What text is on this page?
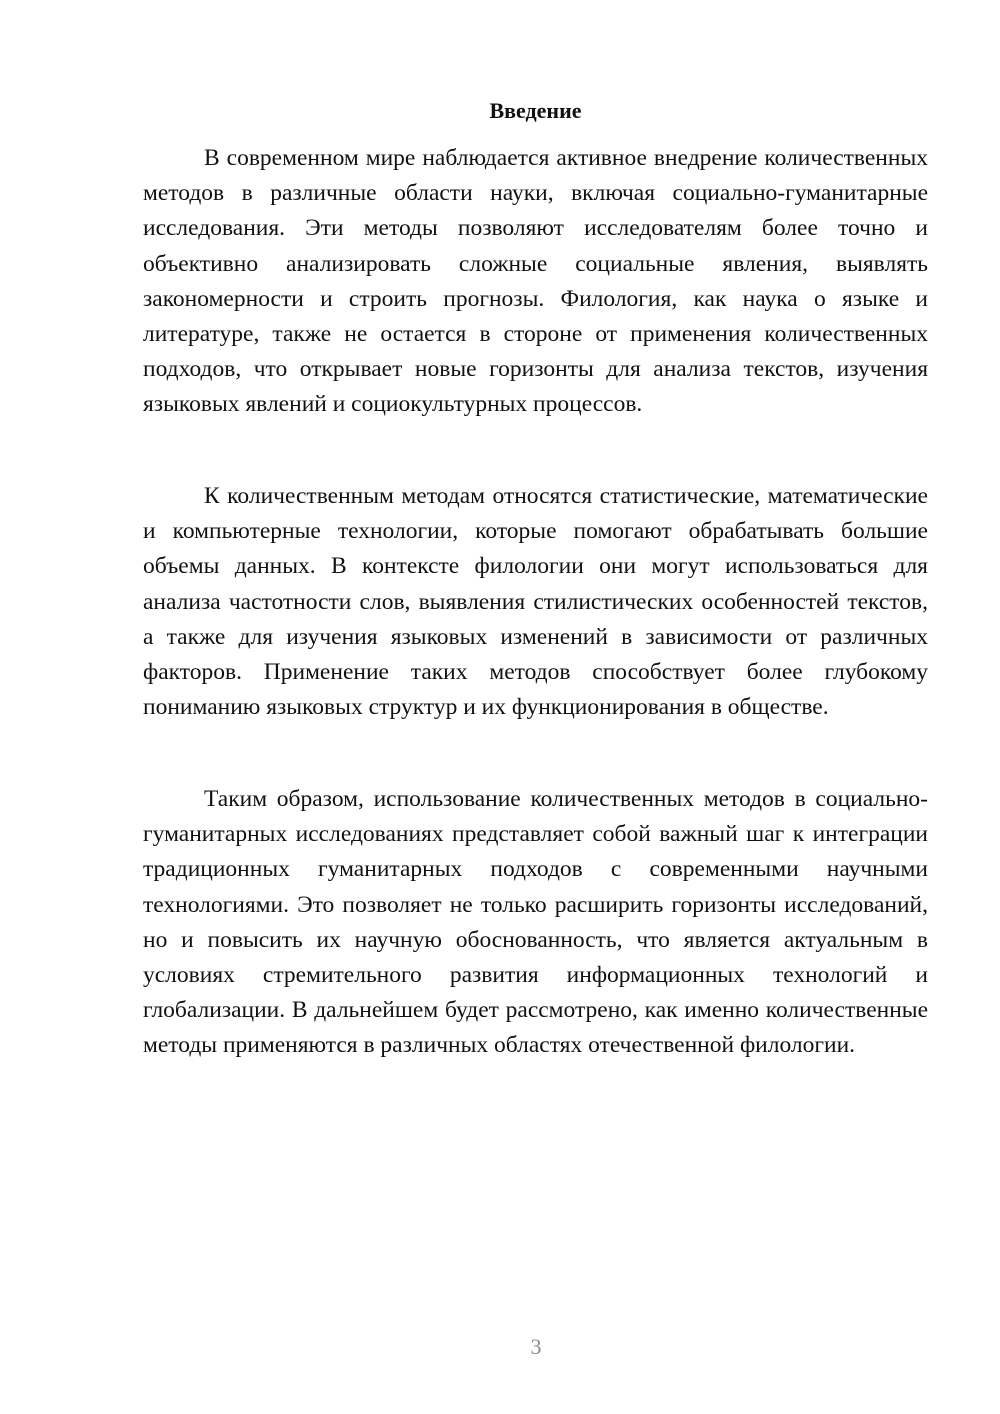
Введение

В современном мире наблюдается активное внедрение количественных методов в различные области науки, включая социально-гуманитарные исследования. Эти методы позволяют исследователям более точно и объективно анализировать сложные социальные явления, выявлять закономерности и строить прогнозы. Филология, как наука о языке и литературе, также не остается в стороне от применения количественных подходов, что открывает новые горизонты для анализа текстов, изучения языковых явлений и социокультурных процессов.

К количественным методам относятся статистические, математические и компьютерные технологии, которые помогают обрабатывать большие объемы данных. В контексте филологии они могут использоваться для анализа частотности слов, выявления стилистических особенностей текстов, а также для изучения языковых изменений в зависимости от различных факторов. Применение таких методов способствует более глубокому пониманию языковых структур и их функционирования в обществе.

Таким образом, использование количественных методов в социально-гуманитарных исследованиях представляет собой важный шаг к интеграции традиционных гуманитарных подходов с современными научными технологиями. Это позволяет не только расширить горизонты исследований, но и повысить их научную обоснованность, что является актуальным в условиях стремительного развития информационных технологий и глобализации. В дальнейшем будет рассмотрено, как именно количественные методы применяются в различных областях отечественной филологии.

3
